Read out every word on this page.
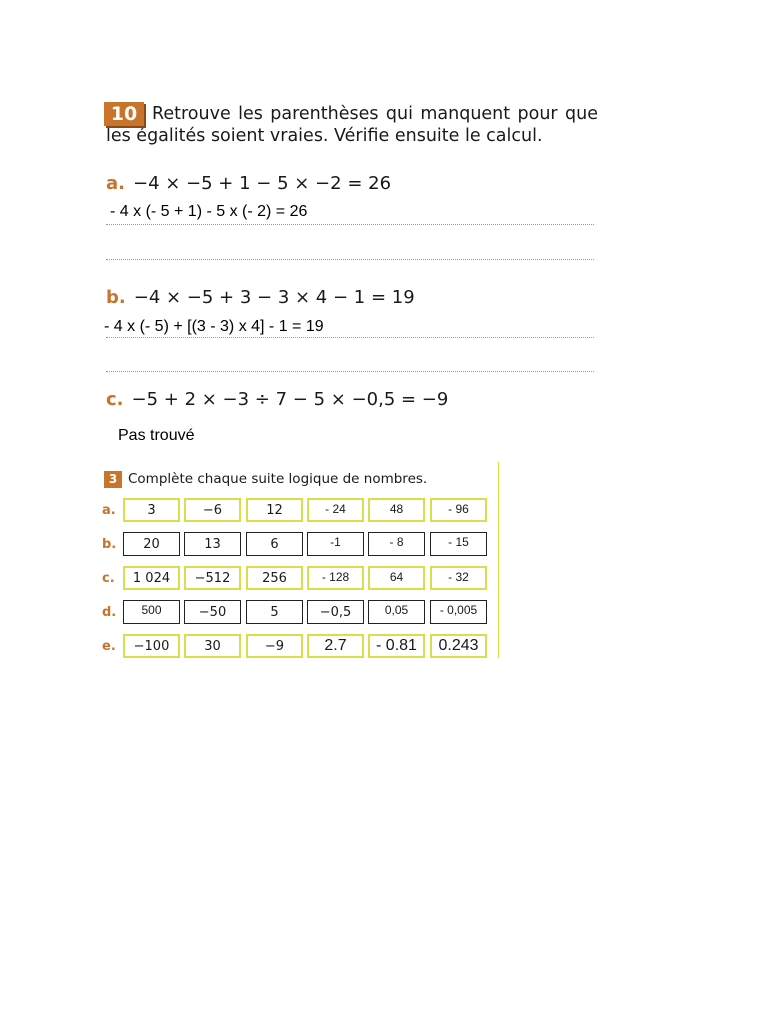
Retrouve les parenthèses qui manquent pour que les égalités soient vraies. Vérifie ensuite le calcul.
10
a. −4 × −5 + 1 − 5 × −2 = 26
- 4 x (- 5 + 1) - 5 x (- 2) = 26
b. −4 × −5 + 3 − 3 × 4 − 1 = 19
- 4 x (- 5) + [(3 - 3) x 4] - 1 = 19
c. −5 + 2 × −3 ÷ 7 − 5 × −0,5 = −9
Pas trouvé
3 Complète chaque suite logique de nombres.
a.	3	−6	12	- 24	48	- 96
b.	20	13	6	-1	- 8	- 15
c.	1 024	−512	256	- 128	64	- 32
d.	500	−50	5	−0,5	0,05	- 0,005
e.	−100	30	−9	2.7	- 0.81	0.243
